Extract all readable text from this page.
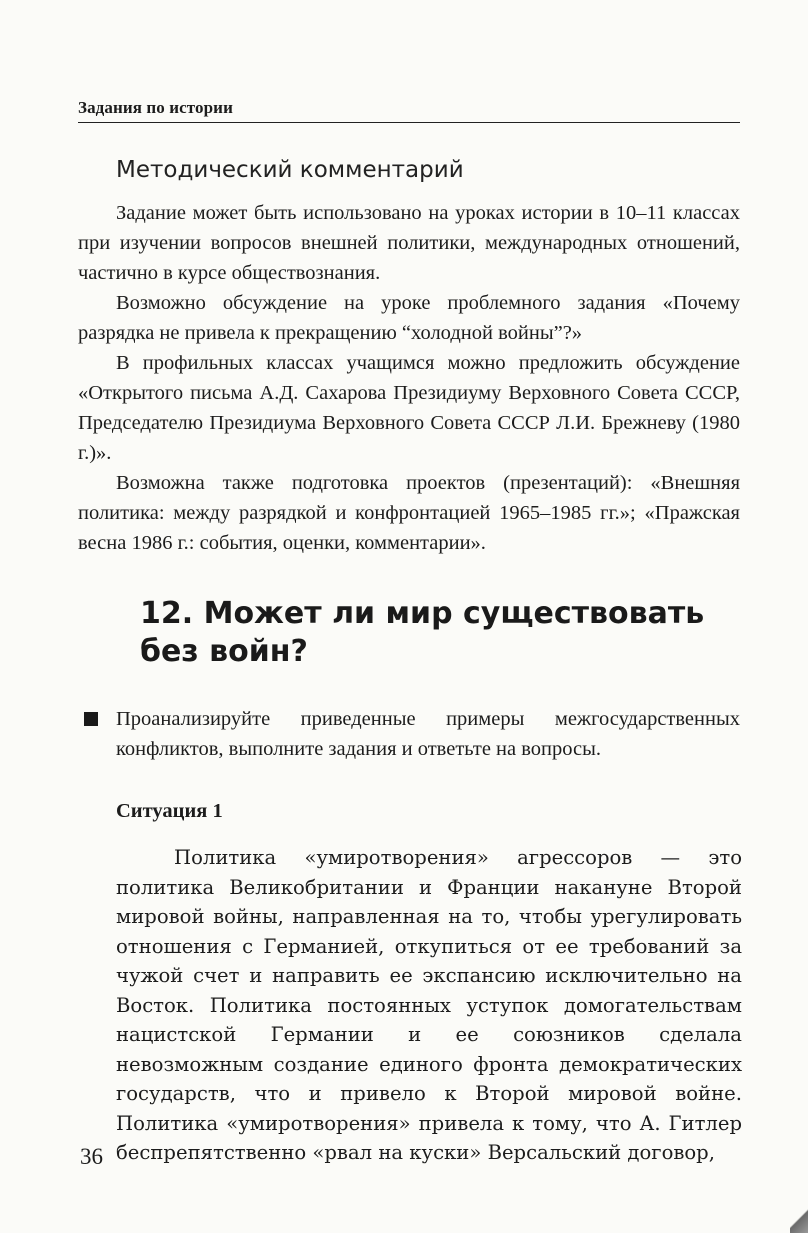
Задания по истории
Методический комментарий

Задание может быть использовано на уроках истории в 10–11 классах при изучении вопросов внешней политики, международных отношений, частично в курсе обществознания.

Возможно обсуждение на уроке проблемного задания «Почему разрядка не привела к прекращению “холодной войны”?»

В профильных классах учащимся можно предложить обсуждение «Открытого письма А.Д. Сахарова Президиуму Верховного Совета СССР, Председателю Президиума Верховного Совета СССР Л.И. Брежневу (1980 г.)».

Возможна также подготовка проектов (презентаций): «Внешняя политика: между разрядкой и конфронтацией 1965–1985 гг.»; «Пражская весна 1986 г.: события, оценки, комментарии».

12. Может ли мир существовать без войн?
Проанализируйте приведенные примеры межгосударственных конфликтов, выполните задания и ответьте на вопросы.
Ситуация 1

Политика «умиротворения» агрессоров — это политика Великобритании и Франции накануне Второй мировой войны, направленная на то, чтобы урегулировать отношения с Германией, откупиться от ее требований за чужой счет и направить ее экспансию исключительно на Восток. Политика постоянных уступок домогательствам нацистской Германии и ее союзников сделала невозможным создание единого фронта демократических государств, что и привело к Второй мировой войне. Политика «умиротворения» привела к тому, что А. Гитлер беспрепятственно «рвал на куски» Версальский договор,

36
